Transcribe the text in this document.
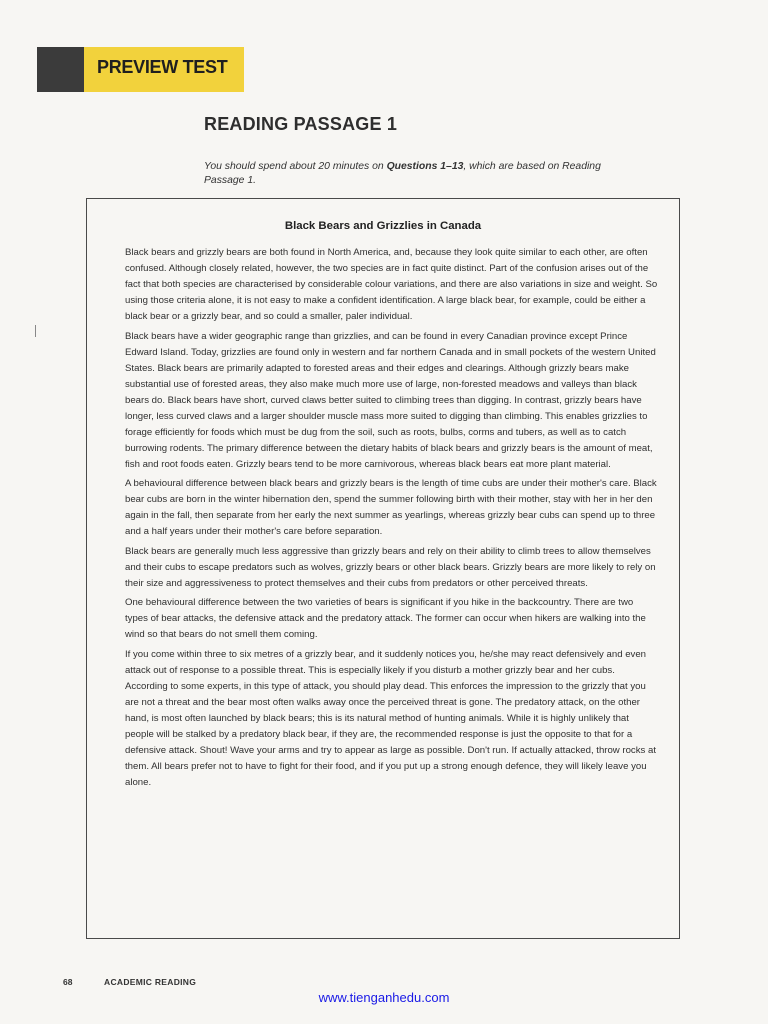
PREVIEW TEST
READING PASSAGE 1
You should spend about 20 minutes on Questions 1–13, which are based on Reading Passage 1.
Black Bears and Grizzlies in Canada

Black bears and grizzly bears are both found in North America, and, because they look quite similar to each other, are often confused. Although closely related, however, the two species are in fact quite distinct. Part of the confusion arises out of the fact that both species are characterised by considerable colour variations, and there are also variations in size and weight. So using those criteria alone, it is not easy to make a confident identification. A large black bear, for example, could be either a black bear or a grizzly bear, and so could a smaller, paler individual.

Black bears have a wider geographic range than grizzlies, and can be found in every Canadian province except Prince Edward Island. Today, grizzlies are found only in western and far northern Canada and in small pockets of the western United States. Black bears are primarily adapted to forested areas and their edges and clearings. Although grizzly bears make substantial use of forested areas, they also make much more use of large, non-forested meadows and valleys than black bears do. Black bears have short, curved claws better suited to climbing trees than digging. In contrast, grizzly bears have longer, less curved claws and a larger shoulder muscle mass more suited to digging than climbing. This enables grizzlies to forage efficiently for foods which must be dug from the soil, such as roots, bulbs, corms and tubers, as well as to catch burrowing rodents. The primary difference between the dietary habits of black bears and grizzly bears is the amount of meat, fish and root foods eaten. Grizzly bears tend to be more carnivorous, whereas black bears eat more plant material.

A behavioural difference between black bears and grizzly bears is the length of time cubs are under their mother's care. Black bear cubs are born in the winter hibernation den, spend the summer following birth with their mother, stay with her in her den again in the fall, then separate from her early the next summer as yearlings, whereas grizzly bear cubs can spend up to three and a half years under their mother's care before separation.

Black bears are generally much less aggressive than grizzly bears and rely on their ability to climb trees to allow themselves and their cubs to escape predators such as wolves, grizzly bears or other black bears. Grizzly bears are more likely to rely on their size and aggressiveness to protect themselves and their cubs from predators or other perceived threats.

One behavioural difference between the two varieties of bears is significant if you hike in the backcountry. There are two types of bear attacks, the defensive attack and the predatory attack. The former can occur when hikers are walking into the wind so that bears do not smell them coming.

If you come within three to six metres of a grizzly bear, and it suddenly notices you, he/she may react defensively and even attack out of response to a possible threat. This is especially likely if you disturb a mother grizzly bear and her cubs. According to some experts, in this type of attack, you should play dead. This enforces the impression to the grizzly that you are not a threat and the bear most often walks away once the perceived threat is gone. The predatory attack, on the other hand, is most often launched by black bears; this is its natural method of hunting animals. While it is highly unlikely that people will be stalked by a predatory black bear, if they are, the recommended response is just the opposite to that for a defensive attack. Shout! Wave your arms and try to appear as large as possible. Don't run. If actually attacked, throw rocks at them. All bears prefer not to have to fight for their food, and if you put up a strong enough defence, they will likely leave you alone.

68	ACADEMIC READING
www.tienganhedu.com
